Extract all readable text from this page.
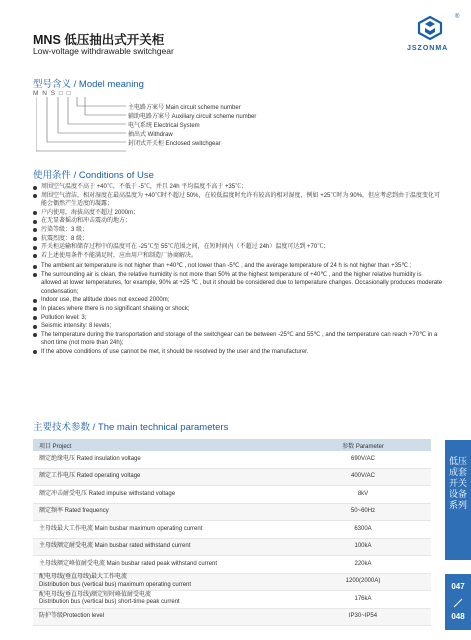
MNS 低压抽出式开关柜
Low-voltage withdrawable switchgear	JSZONMA
®
型号含义 / Model meaning
M N S □ □
主电路方案号 Main circuit scheme number
辅助电路方案号 Auxiliary circuit scheme number
电气系统 Electrical System
抽出式 Withdraw
封闭式开关柜 Enclosed switchgear
使用条件 / Conditions of Use
周围空气温度不高于 +40℃，不低于 -5℃，并且 24h 平均温度不高于 +35℃；
周围空气清洁，相对湿度在最高温度为 +40℃时不超过 50%，在较低温度时允许有较高的相对湿度，例如 +25℃时为 90%，但应考虑到由于温度变化可能会偶然产生适度的凝露；
户内使用，海拔高度不超过 2000m；
在无显著摇动和冲击震动的地方；
污染等级：3 级；
抗震烈度：8 级；
开关柜运输和储存过程中的温度可在 -25℃至 55℃范围之间，在短时间内（不超过 24h）温度可达到 +70℃；
若上述使用条件不能满足时，应由用户和制造厂协商解决。
The ambient air temperature is not higher than +40℃ , not lower than -5℃ , and the average temperature of 24 h is not higher than +35℃ ;
The surrounding air is clean, the relative humidity is not more than 50% at the highest temperature of +40℃ , and the higher relative humidity is allowed at lower temperatures, for example, 90% at +25 ℃ , but it should be considered due to temperature changes. Occasionally produces moderate condensation;
Indoor use, the altitude does not exceed 2000m;
In places where there is no significant shaking or shock;
Pollution level: 3;
Seismic intensity: 8 levels;
The temperature during the transportation and storage of the switchgear can be between -25℃ and 55℃ , and the temperature can reach +70℃ in a short time (not more than 24h);
If the above conditions of use cannot be met, it should be resolved by the user and the manufacturer.
主要技术参数 / The main technical parameters
项目 Project	参数 Parameter
额定绝缘电压 Rated insulation voltage	690V/AC
额定工作电压 Rated operating voltage	400V/AC
额定冲击耐受电压 Rated impulse withstand voltage	8kV
额定频率 Rated frequency	50~60Hz
主母线最大工作电流 Main busbar maximum operating current	6300A
主母线额定耐受电流 Main busbar rated withstand current	100kA
主母线额定峰值耐受电流 Main busbar rated peak withstand current	220kA
配电母线(垂直母线)最大工作电流
Distribution bus (vertical bus) maximum operating current	1200(2000A)
配电母线(垂直母线)额定短时峰值耐受电流
Distribution bus (vertical bus) short-time peak current	176kA
防护等级Protection level	IP30~IP54
低压成套开关设备系列
047
048
